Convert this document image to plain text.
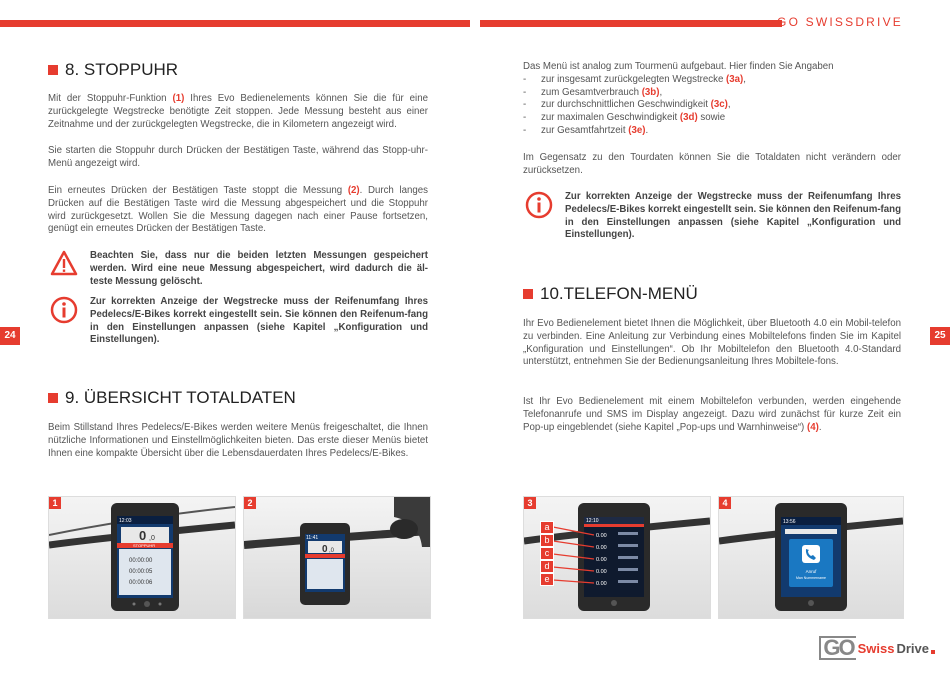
GO SWISSDRIVE
24	25
8. STOPPUHR

Mit der Stoppuhr-Funktion (1) Ihres Evo Bedienelements können Sie die für eine zurückgelegte Wegstrecke benötigte Zeit stoppen. Jede Messung besteht aus einer Zeitnahme und der zurückgelegten Wegstrecke, die in Kilometern angezeigt wird.

Sie starten die Stoppuhr durch Drücken der Bestätigen Taste, während das Stopp-uhr-Menü angezeigt wird.

Ein erneutes Drücken der Bestätigen Taste stoppt die Messung (2). Durch langes Drücken auf die Bestätigen Taste wird die Messung abgespeichert und die Stoppuhr wird zurückgesetzt. Wollen Sie die Messung dagegen nach einer Pause fortsetzen, genügt ein erneutes Drücken der Bestätigen Taste.

Beachten Sie, dass nur die beiden letzten Messungen gespeichert werden. Wird eine neue Messung abgespeichert, wird dadurch die äl-teste Messung gelöscht.
Zur korrekten Anzeige der Wegstrecke muss der Reifenumfang Ihres Pedelecs/E-Bikes korrekt eingestellt sein. Sie können den Reifenum-fang in den Einstellungen anpassen (siehe Kapitel „Konfiguration und Einstellungen).
9. ÜBERSICHT TOTALDATEN

Beim Stillstand Ihres Pedelecs/E-Bikes werden weitere Menüs freigeschaltet, die Ihnen nützliche Informationen und Einstellmöglichkeiten bieten. Das erste dieser Menüs bietet Ihnen eine kompakte Übersicht über die Lebensdauerdaten Ihres Pedelecs/E-Bikes.

12:03
0 ,0
STOPPUHR
00:00:00
00:00:05
00:00:06
1
11:41
0 ,0
2
Das Menü ist analog zum Tourmenü aufgebaut. Hier finden Sie Angaben
- zur insgesamt zurückgelegten Wegstrecke (3a),
- zum Gesamtverbrauch (3b),
- zur durchschnittlichen Geschwindigkeit (3c),
- zur maximalen Geschwindigkeit (3d) sowie
- zur Gesamtfahrtzeit (3e).

Im Gegensatz zu den Tourdaten können Sie die Totaldaten nicht verändern oder zurücksetzen.

Zur korrekten Anzeige der Wegstrecke muss der Reifenumfang Ihres Pedelecs/E-Bikes korrekt eingestellt sein. Sie können den Reifenum-fang in den Einstellungen anpassen (siehe Kapitel „Konfiguration und Einstellungen).
10.TELEFON-MENÜ

Ihr Evo Bedienelement bietet Ihnen die Möglichkeit, über Bluetooth 4.0 ein Mobil-telefon zu verbinden. Eine Anleitung zur Verbindung eines Mobiltelefons finden Sie im Kapitel „Konfiguration und Einstellungen“. Ob Ihr Mobiltelefon den Bluetooth 4.0-Standard unterstützt, entnehmen Sie der Bedienungsanleitung Ihres Mobiltele-fons.

Ist Ihr Evo Bedienelement mit einem Mobiltelefon verbunden, werden eingehende Telefonanrufe und SMS im Display angezeigt. Dazu wird zunächst für kurze Zeit ein Pop-up eingeblendet (siehe Kapitel „Pop-ups und Warnhinweise“) (4).

12:10
0.00
0.00
0.00
0.00
0.00
3
a
b
c
d
e
13:56
Anruf
Man Nummername
4
GO Swiss Drive
